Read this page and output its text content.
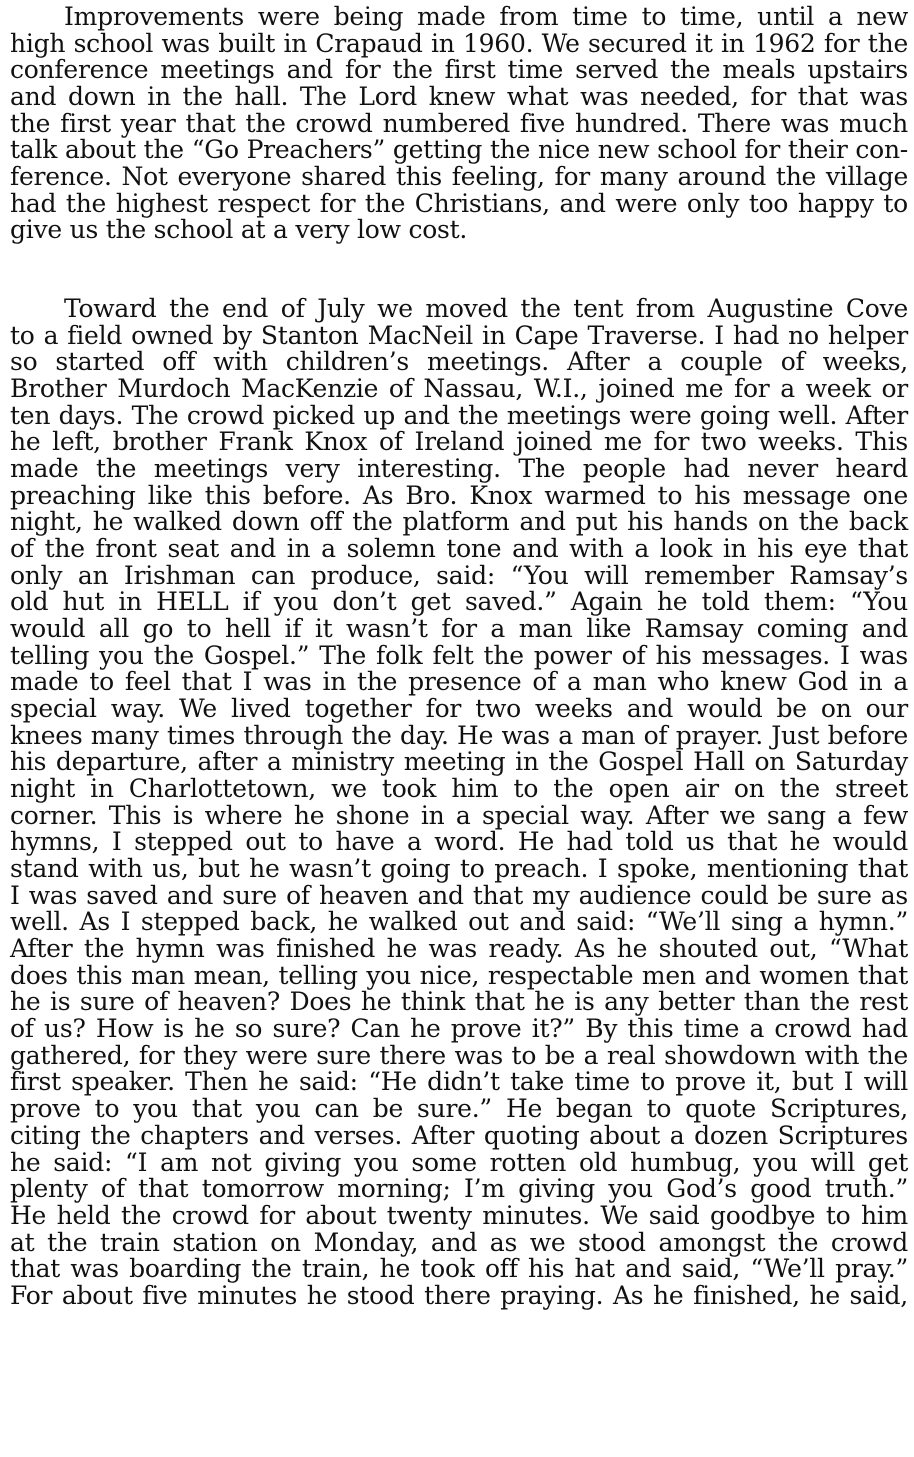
Improvements were being made from time to time, until a new
high school was built in Crapaud in 1960. We secured it in 1962 for the
conference meetings and for the first time served the meals upstairs
and down in the hall. The Lord knew what was needed, for that was
the first year that the crowd numbered five hundred. There was much
talk about the “Go Preachers” getting the nice new school for their con-
ference. Not everyone shared this feeling, for many around the village
had the highest respect for the Christians, and were only too happy to
give us the school at a very low cost.
Toward the end of July we moved the tent from Augustine Cove
to a field owned by Stanton MacNeil in Cape Traverse. I had no helper
so started off with children’s meetings. After a couple of weeks,
Brother Murdoch MacKenzie of Nassau, W.I., joined me for a week or
ten days. The crowd picked up and the meetings were going well. After
he left, brother Frank Knox of Ireland joined me for two weeks. This
made the meetings very interesting. The people had never heard
preaching like this before. As Bro. Knox warmed to his message one
night, he walked down off the platform and put his hands on the back
of the front seat and in a solemn tone and with a look in his eye that
only an Irishman can produce, said: “You will remember Ramsay’s
old hut in HELL if you don’t get saved.” Again he told them: “You
would all go to hell if it wasn’t for a man like Ramsay coming and
telling you the Gospel.” The folk felt the power of his messages. I was
made to feel that I was in the presence of a man who knew God in a
special way. We lived together for two weeks and would be on our
knees many times through the day. He was a man of prayer. Just before
his departure, after a ministry meeting in the Gospel Hall on Saturday
night in Charlottetown, we took him to the open air on the street
corner. This is where he shone in a special way. After we sang a few
hymns, I stepped out to have a word. He had told us that he would
stand with us, but he wasn’t going to preach. I spoke, mentioning that
I was saved and sure of heaven and that my audience could be sure as
well. As I stepped back, he walked out and said: “We’ll sing a hymn.”
After the hymn was finished he was ready. As he shouted out, “What
does this man mean, telling you nice, respectable men and women that
he is sure of heaven? Does he think that he is any better than the rest
of us? How is he so sure? Can he prove it?” By this time a crowd had
gathered, for they were sure there was to be a real showdown with the
first speaker. Then he said: “He didn’t take time to prove it, but I will
prove to you that you can be sure.” He began to quote Scriptures,
citing the chapters and verses. After quoting about a dozen Scriptures
he said: “I am not giving you some rotten old humbug, you will get
plenty of that tomorrow morning; I’m giving you God’s good truth.”
He held the crowd for about twenty minutes. We said goodbye to him
at the train station on Monday, and as we stood amongst the crowd
that was boarding the train, he took off his hat and said, “We’ll pray.”
For about five minutes he stood there praying. As he finished, he said,
